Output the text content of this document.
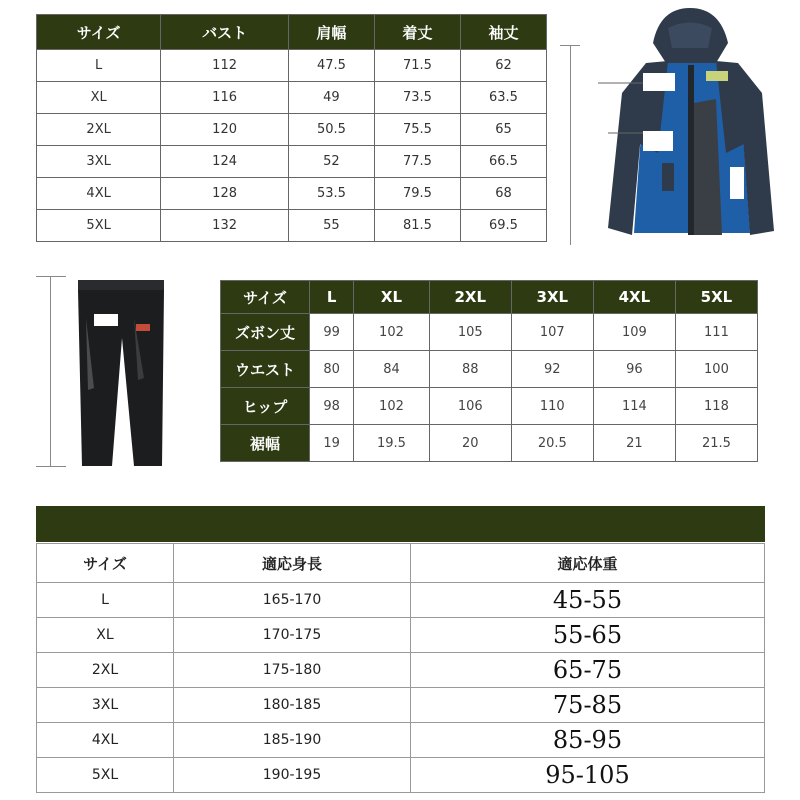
サイズ	バスト	肩幅	着丈	袖丈
L	112	47.5	71.5	62
XL	116	49	73.5	63.5
2XL	120	50.5	75.5	65
3XL	124	52	77.5	66.5
4XL	128	53.5	79.5	68
5XL	132	55	81.5	69.5
サイズ	L	XL	2XL	3XL	4XL	5XL
ズボン丈	99	102	105	107	109	111
ウエスト	80	84	88	92	96	100
ヒップ	98	102	106	110	114	118
裾幅	19	19.5	20	20.5	21	21.5
サイズ	適応身長	適応体重
L	165-170	45-55
XL	170-175	55-65
2XL	175-180	65-75
3XL	180-185	75-85
4XL	185-190	85-95
5XL	190-195	95-105
